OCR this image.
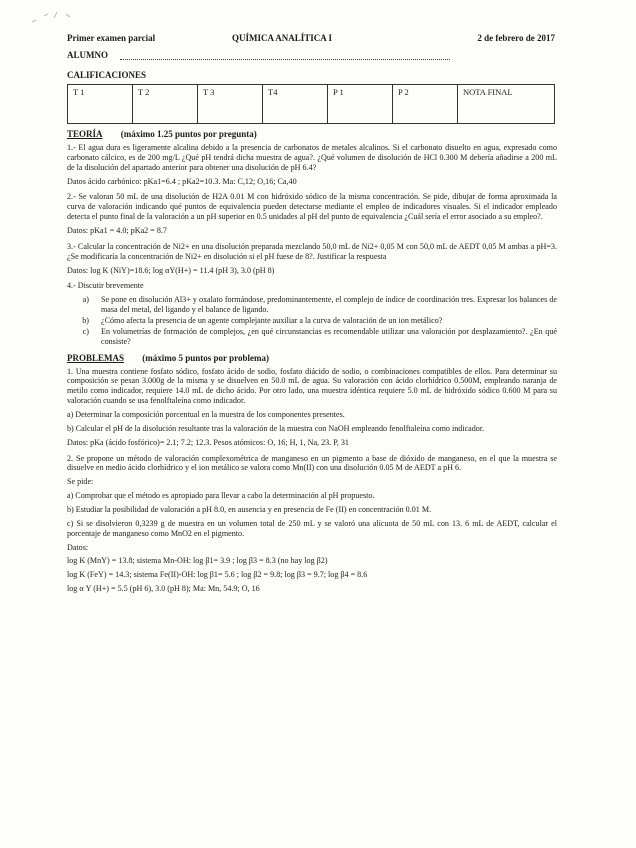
Primer examen parcial	QUÍMICA ANALÍTICA I	2 de febrero de 2017
ALUMNO
CALIFICACIONES
T 1	T 2	T 3	T4	P 1	P 2	NOTA FINAL
TEORÍA (máximo 1.25 puntos por pregunta)

1.- El agua dura es ligeramente alcalina debido a la presencia de carbonatos de metales alcalinos. Si el carbonato disuelto en agua, expresado como carbonato cálcico, es de 200 mg/L ¿Qué pH tendrá dicha muestra de agua?. ¿Qué volumen de disolución de HCl 0.300 M debería añadirse a 200 mL de la disolución del apartado anterior para obtener una disolución de pH 6.4?

Datos ácido carbónico: pKa1=6.4 ; pKa2=10.3. Ma: C,12; O,16; Ca,40

2.- Se valoran 50 mL de una disolución de H2A 0.01 M con hidróxido sódico de la misma concentración. Se pide, dibujar de forma aproximada la curva de valoración indicando qué puntos de equivalencia pueden detectarse mediante el empleo de indicadores visuales. Si el indicador empleado detecta el punto final de la valoración a un pH superior en 0.5 unidades al pH del punto de equivalencia ¿Cuál sería el error asociado a su empleo?.

Datos: pKa1 = 4.0; pKa2 = 8.7

3.- Calcular la concentración de Ni2+ en una disolución preparada mezclando 50,0 mL de Ni2+ 0,05 M con 50,0 mL de AEDT 0,05 M ambas a pH=3. ¿Se modificaría la concentración de Ni2+ en disolución si el pH fuese de 8?. Justificar la respuesta

Datos: log K (NiY)=18.6; log αY(H+) = 11.4 (pH 3), 3.0 (pH 8)

4.- Discutir brevemente

a. Se pone en disolución Al3+ y oxalato formándose, predominantemente, el complejo de índice de coordinación tres. Expresar los balances de masa del metal, del ligando y el balance de ligando.
b. ¿Cómo afecta la presencia de un agente complejante auxiliar a la curva de valoración de un ion metálico?
c. En volumetrías de formación de complejos, ¿en qué circunstancias es recomendable utilizar una valoración por desplazamiento?. ¿En qué consiste?
PROBLEMAS (máximo 5 puntos por problema)

1. Una muestra contiene fosfato sódico, fosfato ácido de sodio, fosfato diácido de sodio, o combinaciones compatibles de ellos. Para determinar su composición se pesan 3.000g de la misma y se disuelven en 50.0 mL de agua. Su valoración con ácido clorhídrico 0.500M, empleando naranja de metilo como indicador, requiere 14.0 mL de dicho ácido. Por otro lado, una muestra idéntica requiere 5.0 mL de hidróxido sódico 0.600 M para su valoración cuando se usa fenolftaleína como indicador.

a) Determinar la composición porcentual en la muestra de los componentes presentes.

b) Calcular el pH de la disolución resultante tras la valoración de la muestra con NaOH empleando fenolftaleína como indicador.

Datos: pKa (ácido fosfórico)= 2.1; 7.2; 12.3. Pesos atómicos: O, 16; H, 1, Na, 23. P, 31

2. Se propone un método de valoración complexométrica de manganeso en un pigmento a base de dióxido de manganeso, en el que la muestra se disuelve en medio ácido clorhídrico y el ion metálico se valora como Mn(II) con una disolución 0.05 M de AEDT a pH 6.

Se pide:

a) Comprobar que el método es apropiado para llevar a cabo la determinación al pH propuesto.

b) Estudiar la posibilidad de valoración a pH 8.0, en ausencia y en presencia de Fe (II) en concentración 0.01 M.

c) Si se disolvieron 0,3239 g de muestra en un volumen total de 250 mL y se valoró una alícuota de 50 mL con 13. 6 mL de AEDT, calcular el porcentaje de manganeso como MnO2 en el pigmento.

Datos:

log K (MnY) = 13.8; sistema Mn-OH: log β1= 3.9 ; log β3 = 8.3 (no hay log β2)

log K (FeY) = 14.3; sistema Fe(II)-OH: log β1= 5.6 ; log β2 = 9.8; log β3 = 9.7; log β4 = 8.6

log α Y (H+) = 5.5 (pH 6), 3.0 (pH 8); Ma: Mn, 54.9; O, 16
